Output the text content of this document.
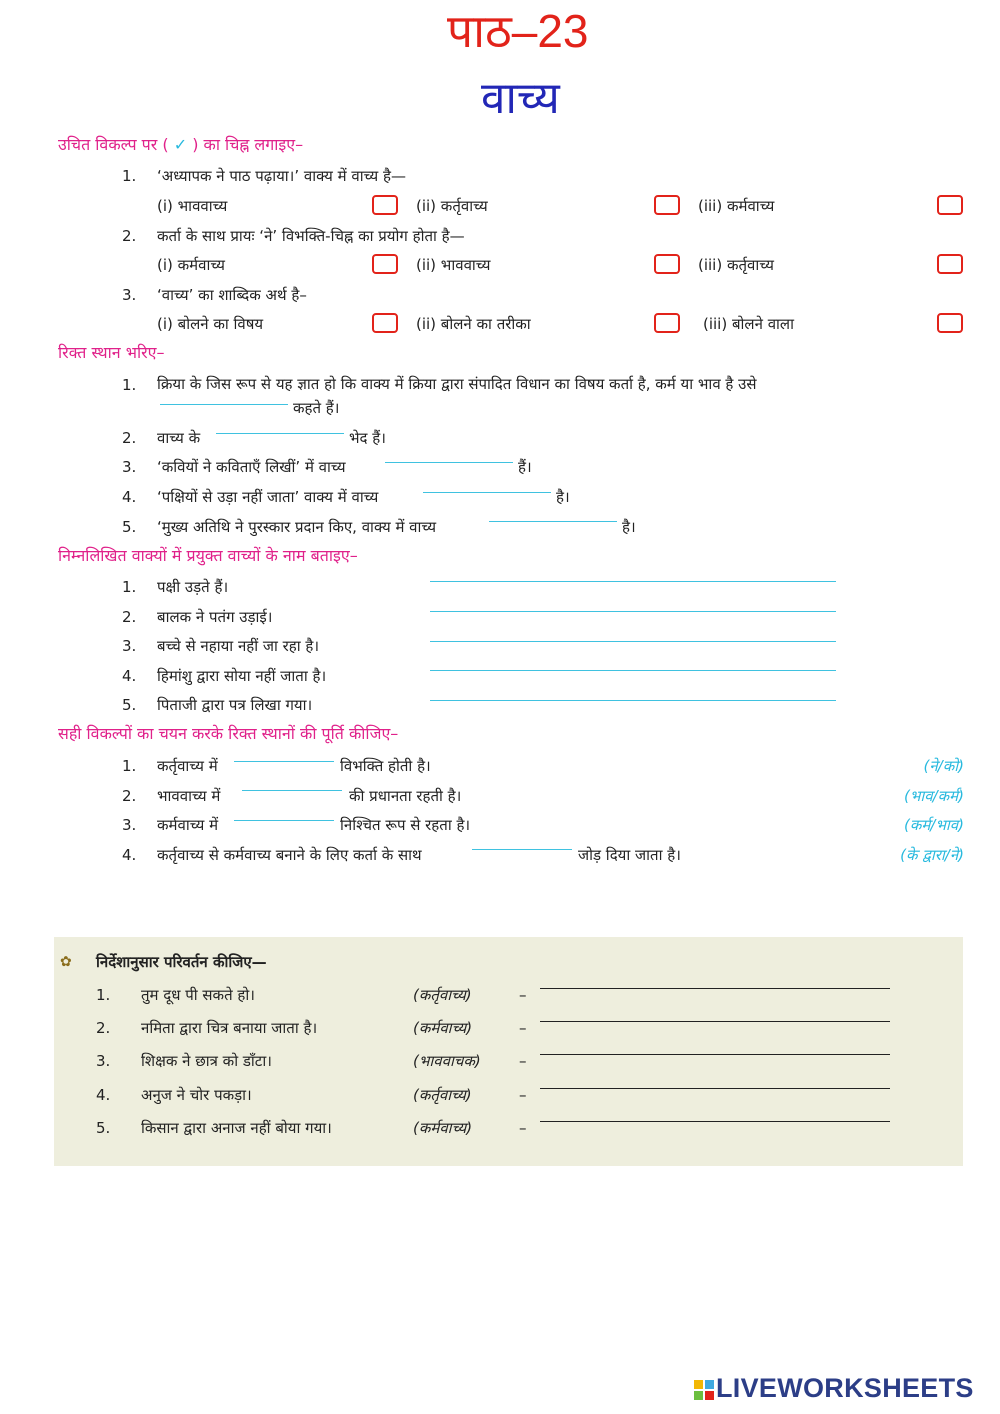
पाठ–23
वाच्य
उचित विकल्प पर ( ✓ ) का चिह्न लगाइए–
1. ‘अध्यापक ने पाठ पढ़ाया।’ वाक्य में वाच्य है—
(i) भाववाच्य	(ii) कर्तृवाच्य	(iii) कर्मवाच्य
2. कर्ता के साथ प्रायः ‘ने’ विभक्ति-चिह्न का प्रयोग होता है—
(i) कर्मवाच्य	(ii) भाववाच्य	(iii) कर्तृवाच्य
3. ‘वाच्य’ का शाब्दिक अर्थ है–
(i) बोलने का विषय	(ii) बोलने का तरीका	(iii) बोलने वाला
रिक्त स्थान भरिए–
1. क्रिया के जिस रूप से यह ज्ञात हो कि वाक्य में क्रिया द्वारा संपादित विधान का विषय कर्ता है, कर्म या भाव है उसे
कहते हैं।
2. वाच्य के	भेद हैं।
3. ‘कवियों ने कविताएँ लिखीं’ में वाच्य	हैं।
4. ‘पक्षियों से उड़ा नहीं जाता’ वाक्य में वाच्य	है।
5. ‘मुख्य अतिथि ने पुरस्कार प्रदान किए, वाक्य में वाच्य	है।
निम्नलिखित वाक्यों में प्रयुक्त वाच्यों के नाम बताइए–
1. पक्षी उड़ते हैं।
2. बालक ने पतंग उड़ाई।
3. बच्चे से नहाया नहीं जा रहा है।
4. हिमांशु द्वारा सोया नहीं जाता है।
5. पिताजी द्वारा पत्र लिखा गया।
सही विकल्पों का चयन करके रिक्त स्थानों की पूर्ति कीजिए–
1. कर्तृवाच्य में	विभक्ति होती है।	(ने/को)
2. भाववाच्य में	की प्रधानता रहती है।	(भाव/कर्म)
3. कर्मवाच्य में	निश्चित रूप से रहता है।	(कर्म/भाव)
4. कर्तृवाच्य से कर्मवाच्य बनाने के लिए कर्ता के साथ	जोड़ दिया जाता है।	(के द्वारा/ने)
✿ निर्देशानुसार परिवर्तन कीजिए—
1. तुम दूध पी सकते हो।	(कर्तृवाच्य)	–
2. नमिता द्वारा चित्र बनाया जाता है।	(कर्मवाच्य)	–
3. शिक्षक ने छात्र को डाँटा।	(भाववाचक)	–
4. अनुज ने चोर पकड़ा।	(कर्तृवाच्य)	–
5. किसान द्वारा अनाज नहीं बोया गया।	(कर्मवाच्य)	–
LIVEWORKSHEETS
